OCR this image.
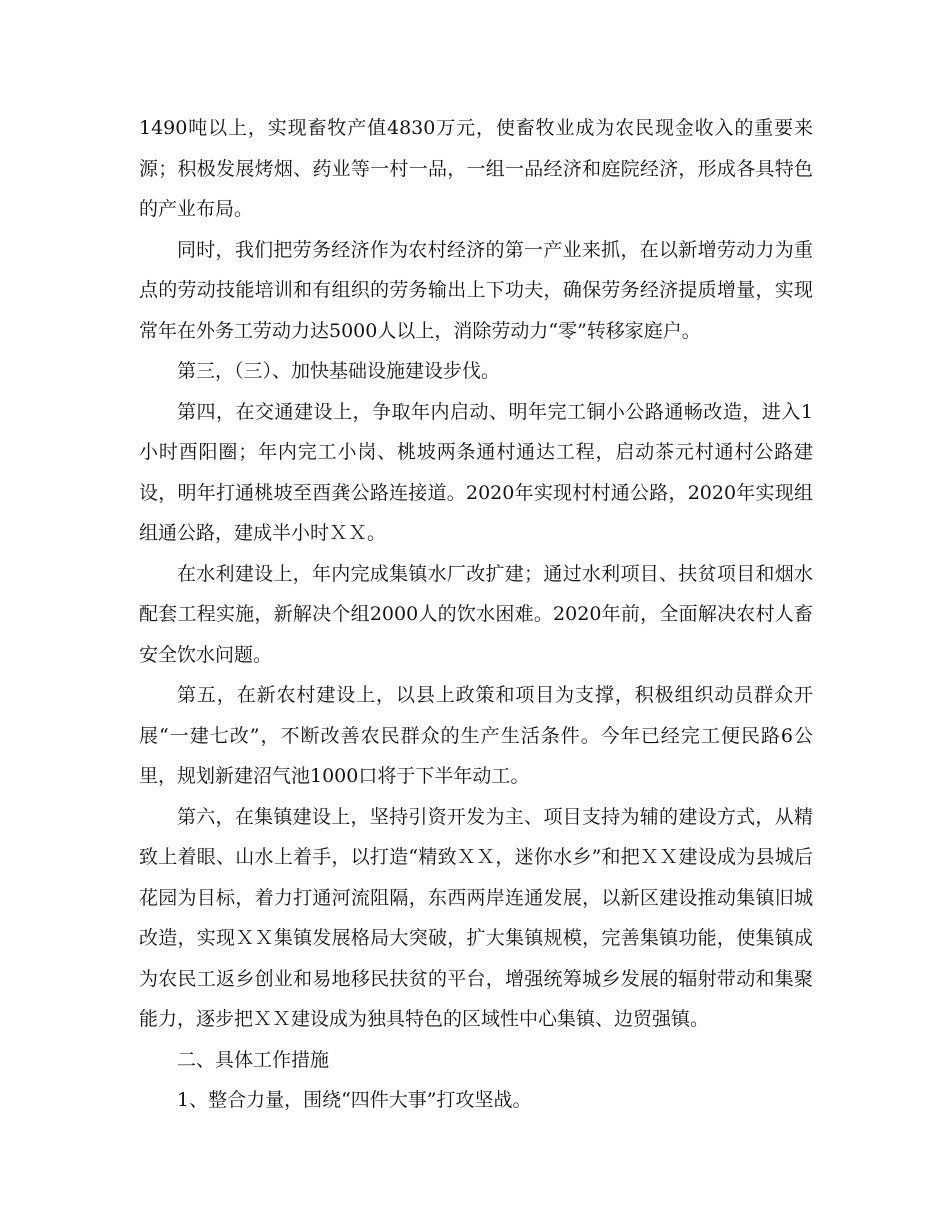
1490吨以上，实现畜牧产值4830万元，使畜牧业成为农民现金收入的重要来源；积极发展烤烟、药业等一村一品，一组一品经济和庭院经济，形成各具特色的产业布局。

同时，我们把劳务经济作为农村经济的第一产业来抓，在以新增劳动力为重点的劳动技能培训和有组织的劳务输出上下功夫，确保劳务经济提质增量，实现常年在外务工劳动力达5000人以上，消除劳动力“零”转移家庭户。

第三，（三）、加快基础设施建设步伐。

第四，在交通建设上，争取年内启动、明年完工铜小公路通畅改造，进入1小时酉阳圈；年内完工小岗、桃坡两条通村通达工程，启动茶元村通村公路建设，明年打通桃坡至酉龚公路连接道。2020年实现村村通公路，2020年实现组组通公路，建成半小时ＸＸ。

在水利建设上，年内完成集镇水厂改扩建；通过水利项目、扶贫项目和烟水配套工程实施，新解决个组2000人的饮水困难。2020年前，全面解决农村人畜安全饮水问题。

第五，在新农村建设上，以县上政策和项目为支撑，积极组织动员群众开展“一建七改”，不断改善农民群众的生产生活条件。今年已经完工便民路6公里，规划新建沼气池1000口将于下半年动工。

第六，在集镇建设上，坚持引资开发为主、项目支持为辅的建设方式，从精致上着眼、山水上着手，以打造“精致ＸＸ，迷你水乡”和把ＸＸ建设成为县城后花园为目标，着力打通河流阻隔，东西两岸连通发展，以新区建设推动集镇旧城改造，实现ＸＸ集镇发展格局大突破，扩大集镇规模，完善集镇功能，使集镇成为农民工返乡创业和易地移民扶贫的平台，增强统筹城乡发展的辐射带动和集聚能力，逐步把ＸＸ建设成为独具特色的区域性中心集镇、边贸强镇。

二、具体工作措施

1、整合力量，围绕“四件大事”打攻坚战。
